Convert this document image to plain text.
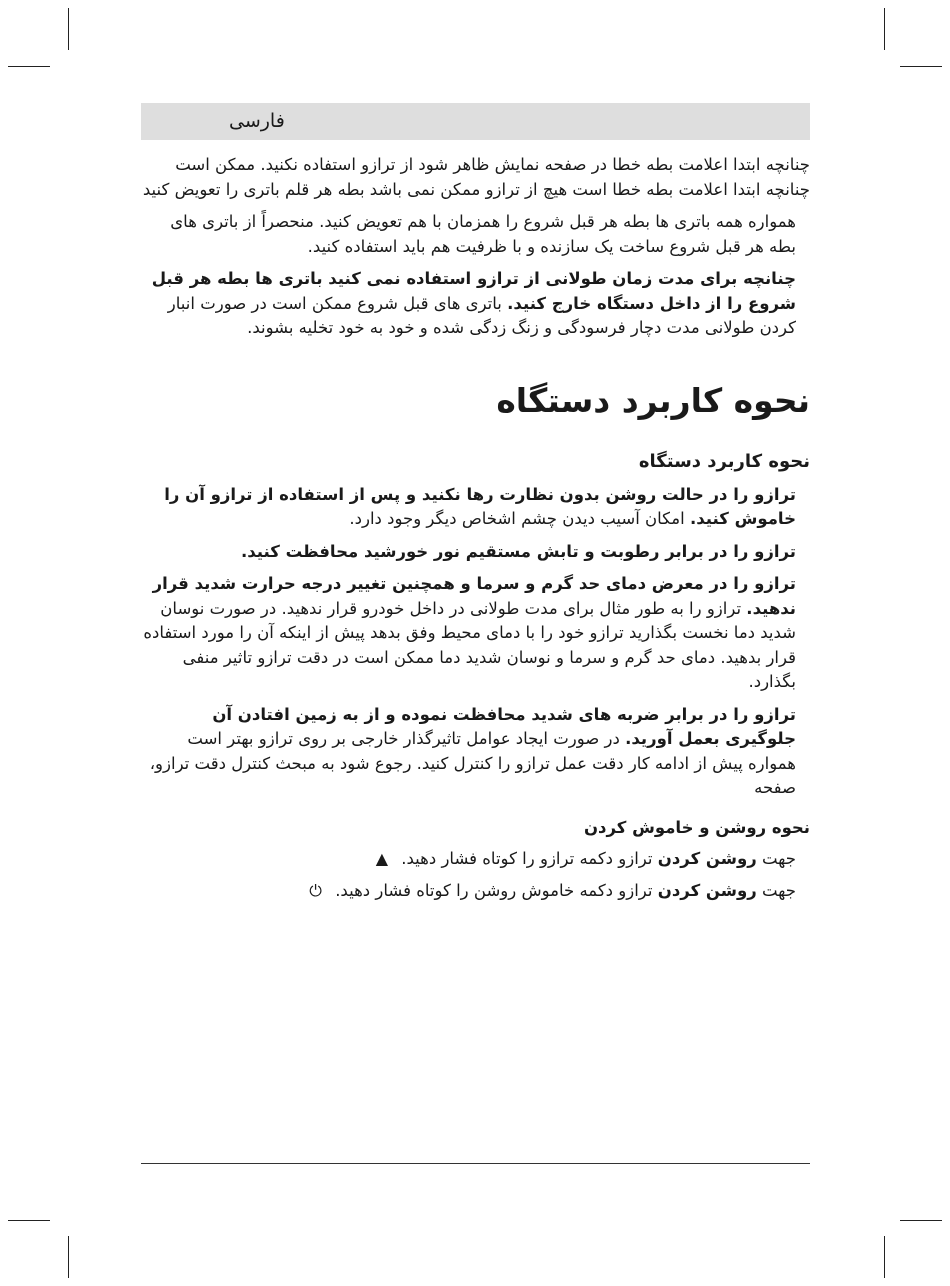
فارسی

چنانچه ابتدا اعلامت بطه خطا در صفحه نمایش ظاهر شود از ترازو استفاده نکنید. ممکن است چنانچه ابتدا اعلامت بطه خطا است هیچ از ترازو ممکن نمی باشد بطه هر قلم باتری را تعویض کنید

همواره همه باتری ها بطه هر قبل شروع را همزمان با هم تعویض کنید. منحصراً از باتری های بطه هر قبل شروع ساخت یک سازنده و با ظرفیت هم باید استفاده کنید.

چنانچه برای مدت زمان طولانی از ترازو استفاده نمی کنید باتری ها بطه هر قبل شروع را از داخل دستگاه خارج کنید. باتری های قبل شروع ممکن است در صورت انبار کردن طولانی مدت دچار فرسودگی و زنگ زدگی شده و خود به خود تخلیه بشوند.

نحوه کاربرد دستگاه
نحوه کاربرد دستگاه

ترازو را در حالت روشن بدون نظارت رها نکنید و پس از استفاده از ترازو آن را خاموش کنید. امکان آسیب دیدن چشم اشخاص دیگر وجود دارد.

ترازو را در برابر رطوبت و تابش مستقیم نور خورشید محافظت کنید.

ترازو را در معرض دمای حد گرم و سرما و همچنین تغییر درجه حرارت شدید قرار ندهید. ترازو را به طور مثال برای مدت طولانی در داخل خودرو قرار ندهید. در صورت نوسان شدید دما نخست بگذارید ترازو خود را با دمای محیط وفق بدهد پیش از اینکه آن را مورد استفاده قرار بدهید. دمای حد گرم و سرما و نوسان شدید دما ممکن است در دقت ترازو تاثیر منفی بگذارد.

ترازو را در برابر ضربه های شدید محافظت نموده و از به زمین افتادن آن جلوگیری بعمل آورید. در صورت ایجاد عوامل تاثیرگذار خارجی بر روی ترازو بهتر است همواره پیش از ادامه کار دقت عمل ترازو را کنترل کنید. رجوع شود به مبحث کنترل دقت ترازو، صفحه

نحوه روشن و خاموش کردن

جهت روشن کردن ترازو دکمه ترازو را کوتاه فشار دهید. ▲

جهت روشن کردن ترازو دکمه خاموش روشن را کوتاه فشار دهید. ⏻
